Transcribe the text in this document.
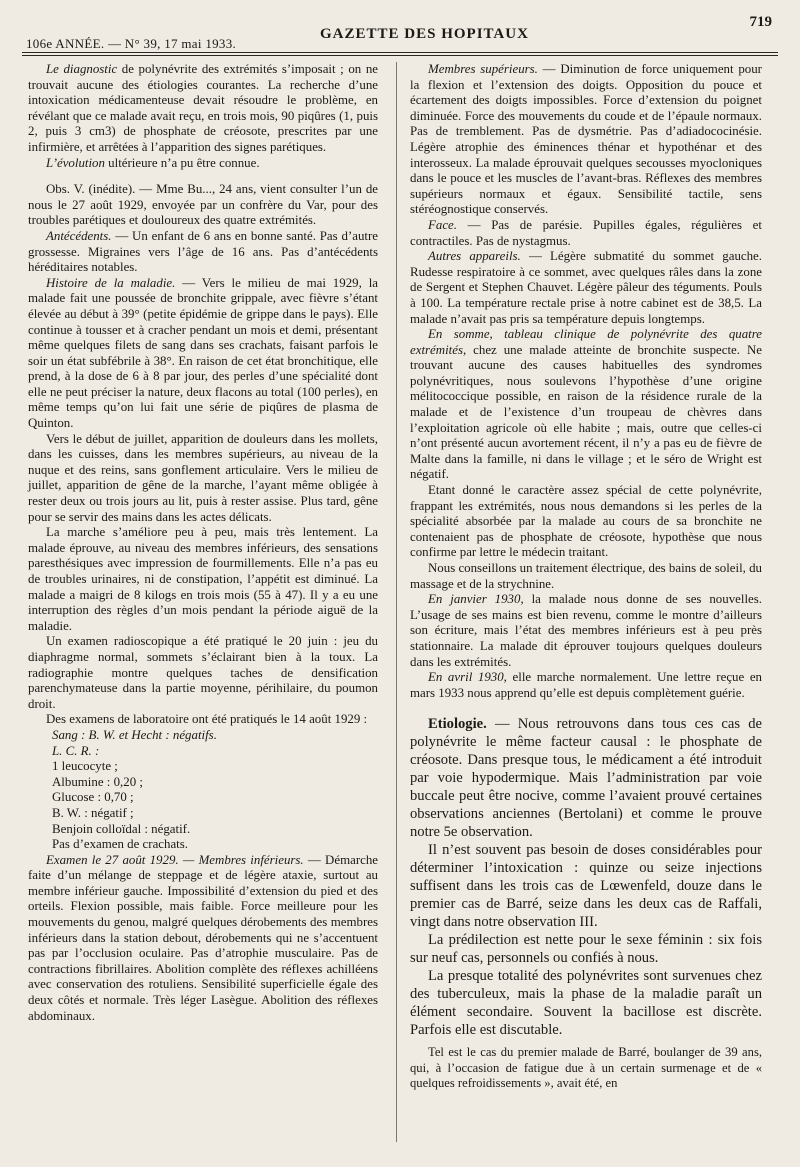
106e ANNÉE. — N° 39, 17 mai 1933.
GAZETTE DES HOPITAUX
719

Le diagnostic de polynévrite des extrémités s’imposait ; on ne trouvait aucune des étiologies courantes. La recherche d’une intoxication médicamenteuse devait résoudre le problème, en révélant que ce malade avait reçu, en trois mois, 90 piqûres (1, puis 2, puis 3 cm3) de phosphate de créosote, prescrites par une infirmière, et arrêtées à l’apparition des signes parétiques.

L’évolution ultérieure n’a pu être connue.

Obs. V. (inédite). — Mme Bu..., 24 ans, vient consulter l’un de nous le 27 août 1929, envoyée par un confrère du Var, pour des troubles parétiques et douloureux des quatre extrémités.

Antécédents. — Un enfant de 6 ans en bonne santé. Pas d’autre grossesse. Migraines vers l’âge de 16 ans. Pas d’antécédents héréditaires notables.

Histoire de la maladie. — Vers le milieu de mai 1929, la malade fait une poussée de bronchite grippale, avec fièvre s’étant élevée au début à 39° (petite épidémie de grippe dans le pays). Elle continue à tousser et à cracher pendant un mois et demi, présentant même quelques filets de sang dans ses crachats, faisant parfois le soir un état subfébrile à 38°. En raison de cet état bronchitique, elle prend, à la dose de 6 à 8 par jour, des perles d’une spécialité dont elle ne peut préciser la nature, deux flacons au total (100 perles), en même temps qu’on lui fait une série de piqûres de plasma de Quinton.

Vers le début de juillet, apparition de douleurs dans les mollets, dans les cuisses, dans les membres supérieurs, au niveau de la nuque et des reins, sans gonflement articulaire. Vers le milieu de juillet, apparition de gêne de la marche, l’ayant même obligée à rester deux ou trois jours au lit, puis à rester assise. Plus tard, gêne pour se servir des mains dans les actes délicats.

La marche s’améliore peu à peu, mais très lentement. La malade éprouve, au niveau des membres inférieurs, des sensations paresthésiques avec impression de fourmillements. Elle n’a pas eu de troubles urinaires, ni de constipation, l’appétit est diminué. La malade a maigri de 8 kilogs en trois mois (55 à 47). Il y a eu une interruption des règles d’un mois pendant la période aiguë de la maladie.

Un examen radioscopique a été pratiqué le 20 juin : jeu du diaphragme normal, sommets s’éclairant bien à la toux. La radiographie montre quelques taches de densification parenchymateuse dans la partie moyenne, périhilaire, du poumon droit.

Des examens de laboratoire ont été pratiqués le 14 août 1929 :

Sang : B. W. et Hecht : négatifs.

L. C. R. :

1 leucocyte ;

Albumine : 0,20 ;

Glucose : 0,70 ;

B. W. : négatif ;

Benjoin colloïdal : négatif.

Pas d’examen de crachats.

Examen le 27 août 1929. — Membres inférieurs. — Démarche faite d’un mélange de steppage et de légère ataxie, surtout au membre inférieur gauche. Impossibilité d’extension du pied et des orteils. Flexion possible, mais faible. Force meilleure pour les mouvements du genou, malgré quelques dérobements des membres inférieurs dans la station debout, dérobements qui ne s’accentuent pas par l’occlusion oculaire. Pas d’atrophie musculaire. Pas de contractions fibrillaires. Abolition complète des réflexes achilléens avec conservation des rotuliens. Sensibilité superficielle égale des deux côtés et normale. Très léger Lasègue. Abolition des réflexes abdominaux.

Membres supérieurs. — Diminution de force uniquement pour la flexion et l’extension des doigts. Opposition du pouce et écartement des doigts impossibles. Force d’extension du poignet diminuée. Force des mouvements du coude et de l’épaule normaux. Pas de tremblement. Pas de dysmétrie. Pas d’adiadococinésie. Légère atrophie des éminences thénar et hypothénar et des interosseux. La malade éprouvait quelques secousses myocloniques dans le pouce et les muscles de l’avant-bras. Réflexes des membres supérieurs normaux et égaux. Sensibilité tactile, sens stéréognostique conservés.

Face. — Pas de parésie. Pupilles égales, régulières et contractiles. Pas de nystagmus.

Autres appareils. — Légère submatité du sommet gauche. Rudesse respiratoire à ce sommet, avec quelques râles dans la zone de Sergent et Stephen Chauvet. Légère pâleur des téguments. Pouls à 100. La température rectale prise à notre cabinet est de 38,5. La malade n’avait pas pris sa température depuis longtemps.

En somme, tableau clinique de polynévrite des quatre extrémités, chez une malade atteinte de bronchite suspecte. Ne trouvant aucune des causes habituelles des syndromes polynévritiques, nous soulevons l’hypothèse d’une origine mélitococcique possible, en raison de la résidence rurale de la malade et de l’existence d’un troupeau de chèvres dans l’exploitation agricole où elle habite ; mais, outre que celles-ci n’ont présenté aucun avortement récent, il n’y a pas eu de fièvre de Malte dans la famille, ni dans le village ; et le séro de Wright est négatif.

Etant donné le caractère assez spécial de cette polynévrite, frappant les extrémités, nous nous demandons si les perles de la spécialité absorbée par la malade au cours de sa bronchite ne contenaient pas de phosphate de créosote, hypothèse que nous confirme par lettre le médecin traitant.

Nous conseillons un traitement électrique, des bains de soleil, du massage et de la strychnine.

En janvier 1930, la malade nous donne de ses nouvelles. L’usage de ses mains est bien revenu, comme le montre d’ailleurs son écriture, mais l’état des membres inférieurs est à peu près stationnaire. La malade dit éprouver toujours quelques douleurs dans les extrémités.

En avril 1930, elle marche normalement. Une lettre reçue en mars 1933 nous apprend qu’elle est depuis complètement guérie.

Etiologie. — Nous retrouvons dans tous ces cas de polynévrite le même facteur causal : le phosphate de créosote. Dans presque tous, le médicament a été introduit par voie hypodermique. Mais l’administration par voie buccale peut être nocive, comme l’avaient prouvé certaines observations anciennes (Bertolani) et comme le prouve notre 5e observation.

Il n’est souvent pas besoin de doses considérables pour déterminer l’intoxication : quinze ou seize injections suffisent dans les trois cas de Lœwenfeld, douze dans le premier cas de Barré, seize dans les deux cas de Raffali, vingt dans notre observation III.

La prédilection est nette pour le sexe féminin : six fois sur neuf cas, personnels ou confiés à nous.

La presque totalité des polynévrites sont survenues chez des tuberculeux, mais la phase de la maladie paraît un élément secondaire. Souvent la bacillose est discrète. Parfois elle est discutable.

Tel est le cas du premier malade de Barré, boulanger de 39 ans, qui, à l’occasion de fatigue due à un certain surmenage et de « quelques refroidissements », avait été, en
